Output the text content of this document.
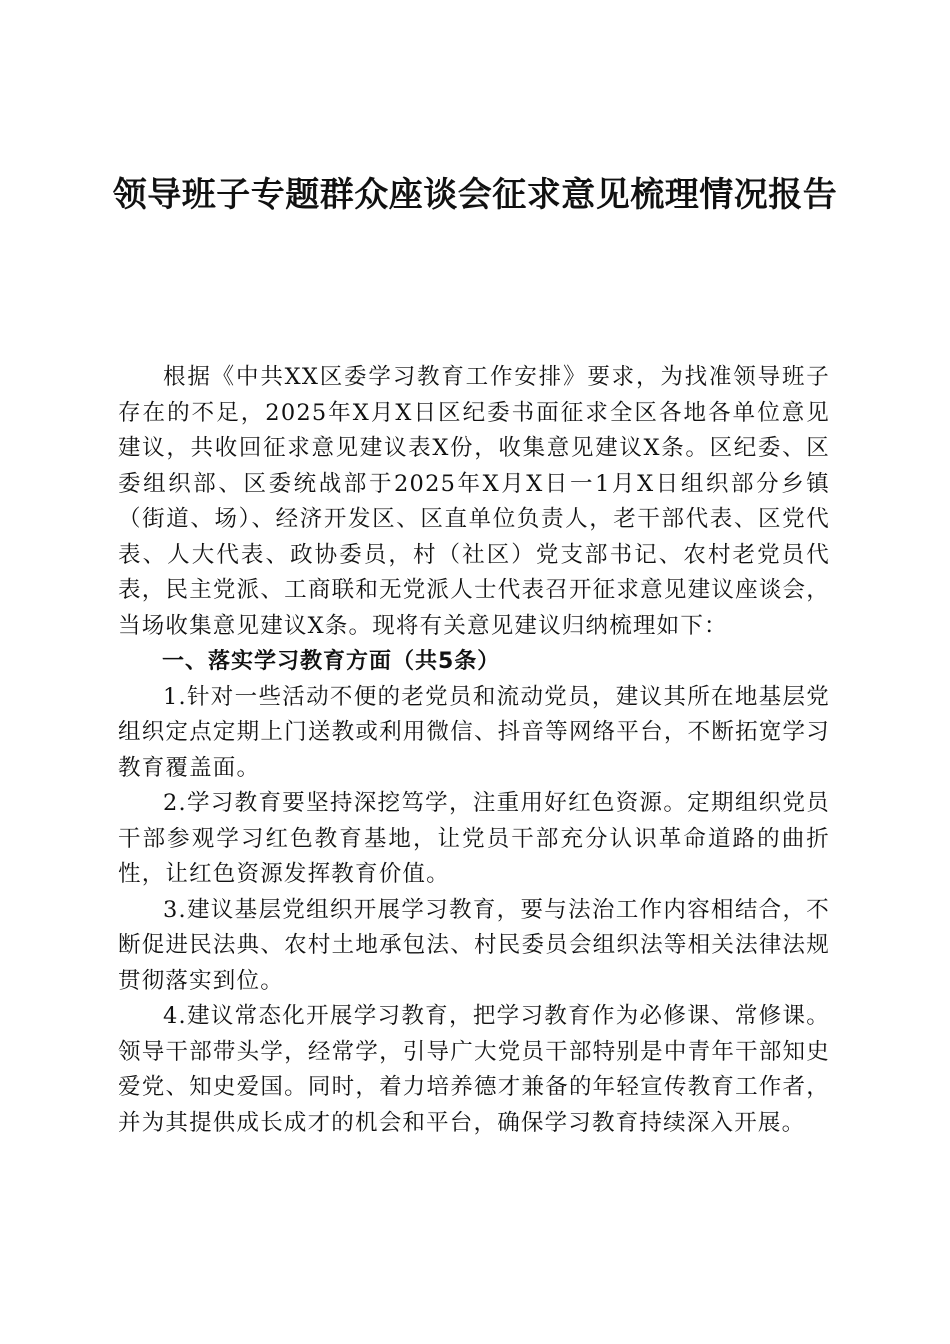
领导班子专题群众座谈会征求意见梳理情况报告

根据《中共XX区委学习教育工作安排》要求，为找准领导班子存在的不足，2025年X月X日区纪委书面征求全区各地各单位意见建议，共收回征求意见建议表X份，收集意见建议X条。区纪委、区委组织部、区委统战部于2025年X月X日一1月X日组织部分乡镇（街道、场）、经济开发区、区直单位负责人，老干部代表、区党代表、人大代表、政协委员，村（社区）党支部书记、农村老党员代表，民主党派、工商联和无党派人士代表召开征求意见建议座谈会，当场收集意见建议X条。现将有关意见建议归纳梳理如下：

一、落实学习教育方面（共5条）

1.针对一些活动不便的老党员和流动党员，建议其所在地基层党组织定点定期上门送教或利用微信、抖音等网络平台，不断拓宽学习教育覆盖面。

2.学习教育要坚持深挖笃学，注重用好红色资源。定期组织党员干部参观学习红色教育基地，让党员干部充分认识革命道路的曲折性，让红色资源发挥教育价值。

3.建议基层党组织开展学习教育，要与法治工作内容相结合，不断促进民法典、农村土地承包法、村民委员会组织法等相关法律法规贯彻落实到位。

4.建议常态化开展学习教育，把学习教育作为必修课、常修课。领导干部带头学，经常学，引导广大党员干部特别是中青年干部知史爱党、知史爱国。同时，着力培养德才兼备的年轻宣传教育工作者，并为其提供成长成才的机会和平台，确保学习教育持续深入开展。
